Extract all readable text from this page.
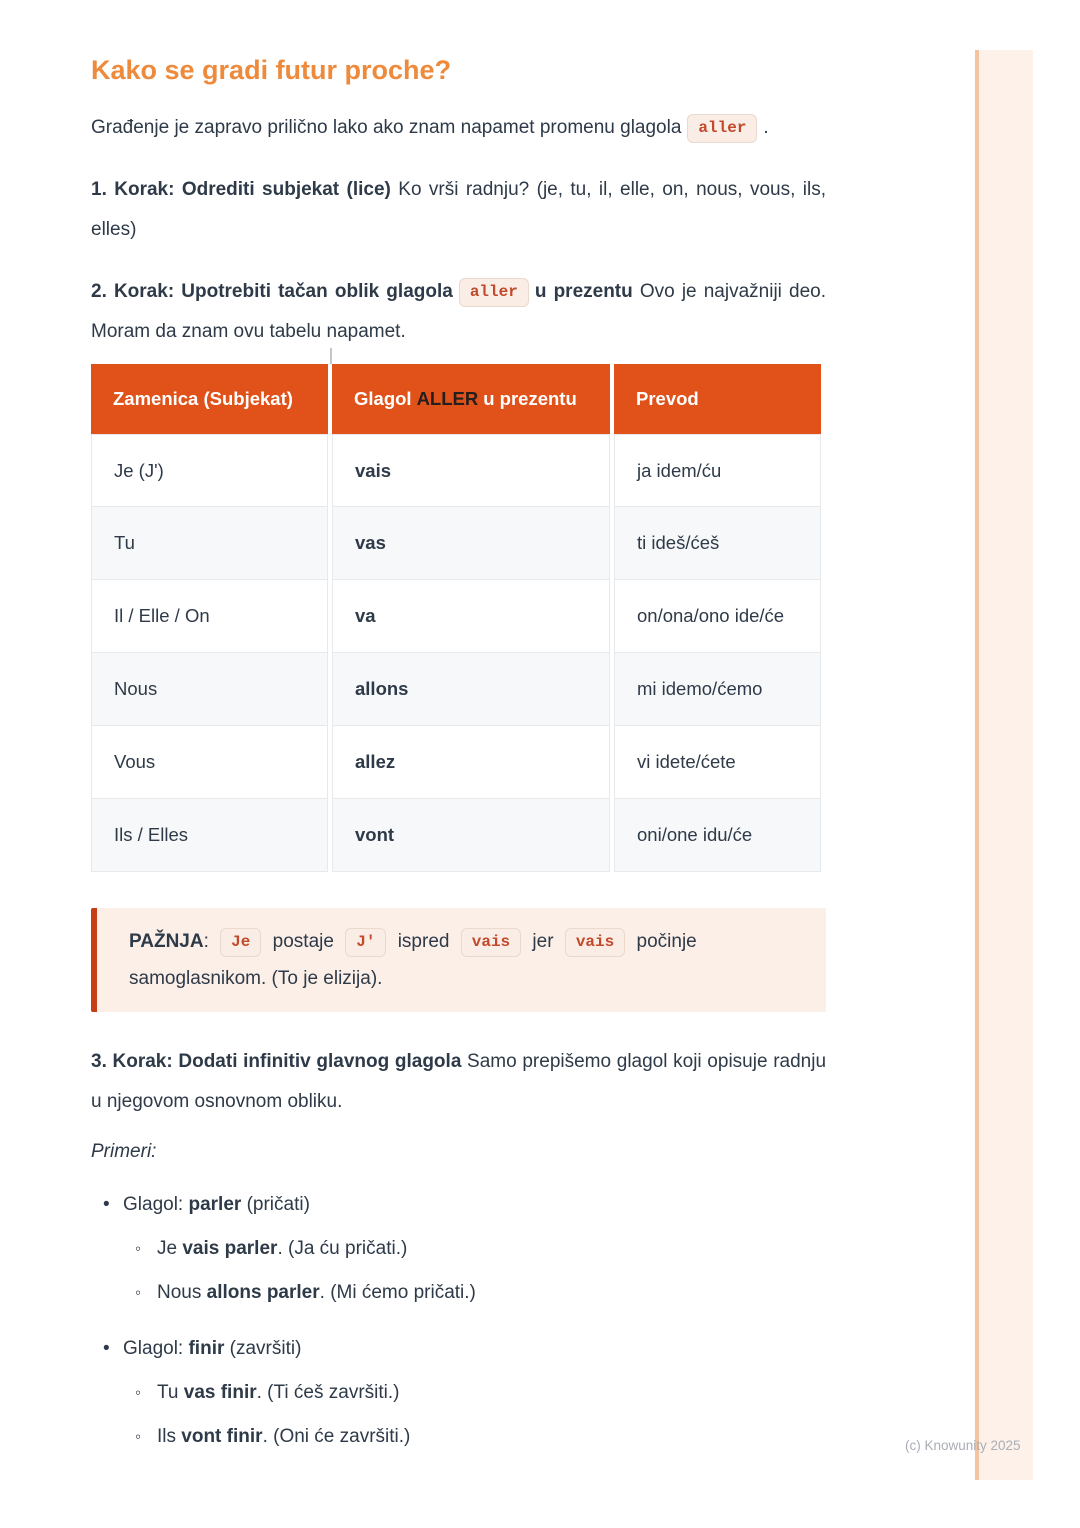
Kako se gradi futur proche?

Građenje je zapravo prilično lako ako znam napamet promenu glagola aller .

1. Korak: Odrediti subjekat (lice) Ko vrši radnju? (je, tu, il, elle, on, nous, vous, ils, elles)

2. Korak: Upotrebiti tačan oblik glagola aller u prezentu Ovo je najvažniji deo. Moram da znam ovu tabelu napamet.

Zamenica (Subjekat)	Glagol ALLER u prezentu	Prevod
Je (J')	vais	ja idem/ću
Tu	vas	ti ideš/ćeš
Il / Elle / On	va	on/ona/ono ide/će
Nous	allons	mi idemo/ćemo
Vous	allez	vi idete/ćete
Ils / Elles	vont	oni/one idu/će

PAŽNJA: Je postaje J' ispred vais jer vais počinje samoglasnikom. (To je elizija).

3. Korak: Dodati infinitiv glavnog glagola Samo prepišemo glagol koji opisuje radnju u njegovom osnovnom obliku.

Primeri:

• Glagol: parler (pričati)
◦ Je vais parler. (Ja ću pričati.)
◦ Nous allons parler. (Mi ćemo pričati.)
• Glagol: finir (završiti)
◦ Tu vas finir. (Ti ćeš završiti.)
◦ Ils vont finir. (Oni će završiti.)	(c) Knowunity 2025
